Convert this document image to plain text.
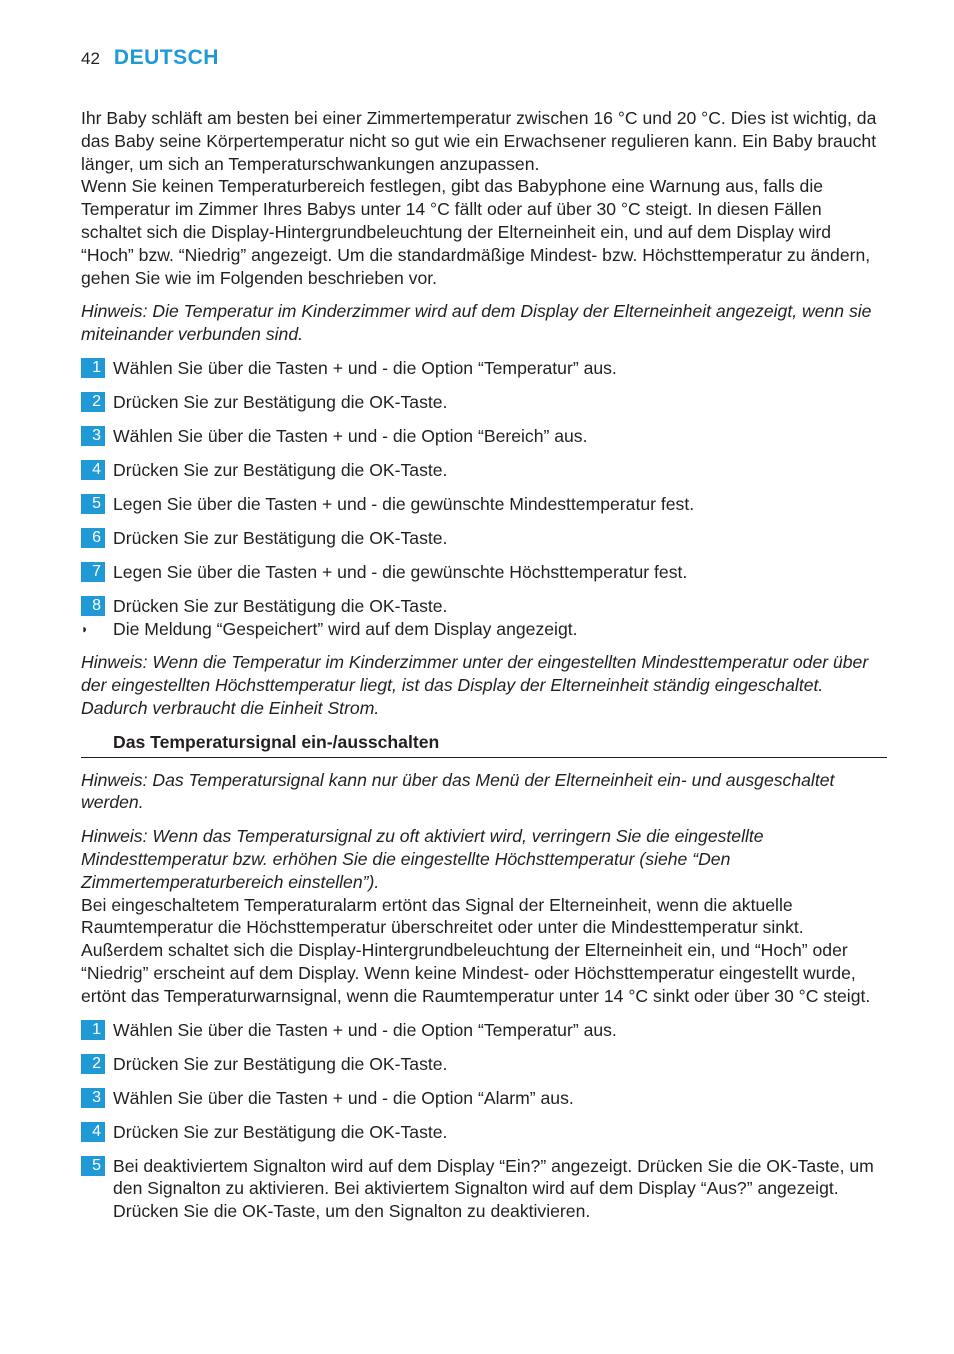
42 DEUTSCH

Ihr Baby schläft am besten bei einer Zimmertemperatur zwischen 16 °C und 20 °C. Dies ist wichtig, da das Baby seine Körpertemperatur nicht so gut wie ein Erwachsener regulieren kann. Ein Baby braucht länger, um sich an Temperaturschwankungen anzupassen.

Wenn Sie keinen Temperaturbereich festlegen, gibt das Babyphone eine Warnung aus, falls die Temperatur im Zimmer Ihres Babys unter 14 °C fällt oder auf über 30 °C steigt. In diesen Fällen schaltet sich die Display-Hintergrundbeleuchtung der Elterneinheit ein, und auf dem Display wird “Hoch” bzw. “Niedrig” angezeigt. Um die standardmäßige Mindest- bzw. Höchsttemperatur zu ändern, gehen Sie wie im Folgenden beschrieben vor.

Hinweis: Die Temperatur im Kinderzimmer wird auf dem Display der Elterneinheit angezeigt, wenn sie miteinander verbunden sind.

1 Wählen Sie über die Tasten + und - die Option “Temperatur” aus.
2 Drücken Sie zur Bestätigung die OK-Taste.
3 Wählen Sie über die Tasten + und - die Option “Bereich” aus.
4 Drücken Sie zur Bestätigung die OK-Taste.
5 Legen Sie über die Tasten + und - die gewünschte Mindesttemperatur fest.
6 Drücken Sie zur Bestätigung die OK-Taste.
7 Legen Sie über die Tasten + und - die gewünschte Höchsttemperatur fest.
8 Drücken Sie zur Bestätigung die OK-Taste.
◗	Die Meldung “Gespeichert” wird auf dem Display angezeigt.

Hinweis: Wenn die Temperatur im Kinderzimmer unter der eingestellten Mindesttemperatur oder über der eingestellten Höchsttemperatur liegt, ist das Display der Elterneinheit ständig eingeschaltet. Dadurch verbraucht die Einheit Strom.

Das Temperatursignal ein-/ausschalten

Hinweis: Das Temperatursignal kann nur über das Menü der Elterneinheit ein- und ausgeschaltet werden.

Hinweis: Wenn das Temperatursignal zu oft aktiviert wird, verringern Sie die eingestellte Mindesttemperatur bzw. erhöhen Sie die eingestellte Höchsttemperatur (siehe “Den Zimmertemperaturbereich einstellen”).

Bei eingeschaltetem Temperaturalarm ertönt das Signal der Elterneinheit, wenn die aktuelle Raumtemperatur die Höchsttemperatur überschreitet oder unter die Mindesttemperatur sinkt. Außerdem schaltet sich die Display-Hintergrundbeleuchtung der Elterneinheit ein, und “Hoch” oder “Niedrig” erscheint auf dem Display. Wenn keine Mindest- oder Höchsttemperatur eingestellt wurde, ertönt das Temperaturwarnsignal, wenn die Raumtemperatur unter 14 °C sinkt oder über 30 °C steigt.

1 Wählen Sie über die Tasten + und - die Option “Temperatur” aus.
2 Drücken Sie zur Bestätigung die OK-Taste.
3 Wählen Sie über die Tasten + und - die Option “Alarm” aus.
4 Drücken Sie zur Bestätigung die OK-Taste.
5 Bei deaktiviertem Signalton wird auf dem Display “Ein?” angezeigt. Drücken Sie die OK-Taste, um den Signalton zu aktivieren. Bei aktiviertem Signalton wird auf dem Display “Aus?” angezeigt. Drücken Sie die OK-Taste, um den Signalton zu deaktivieren.
